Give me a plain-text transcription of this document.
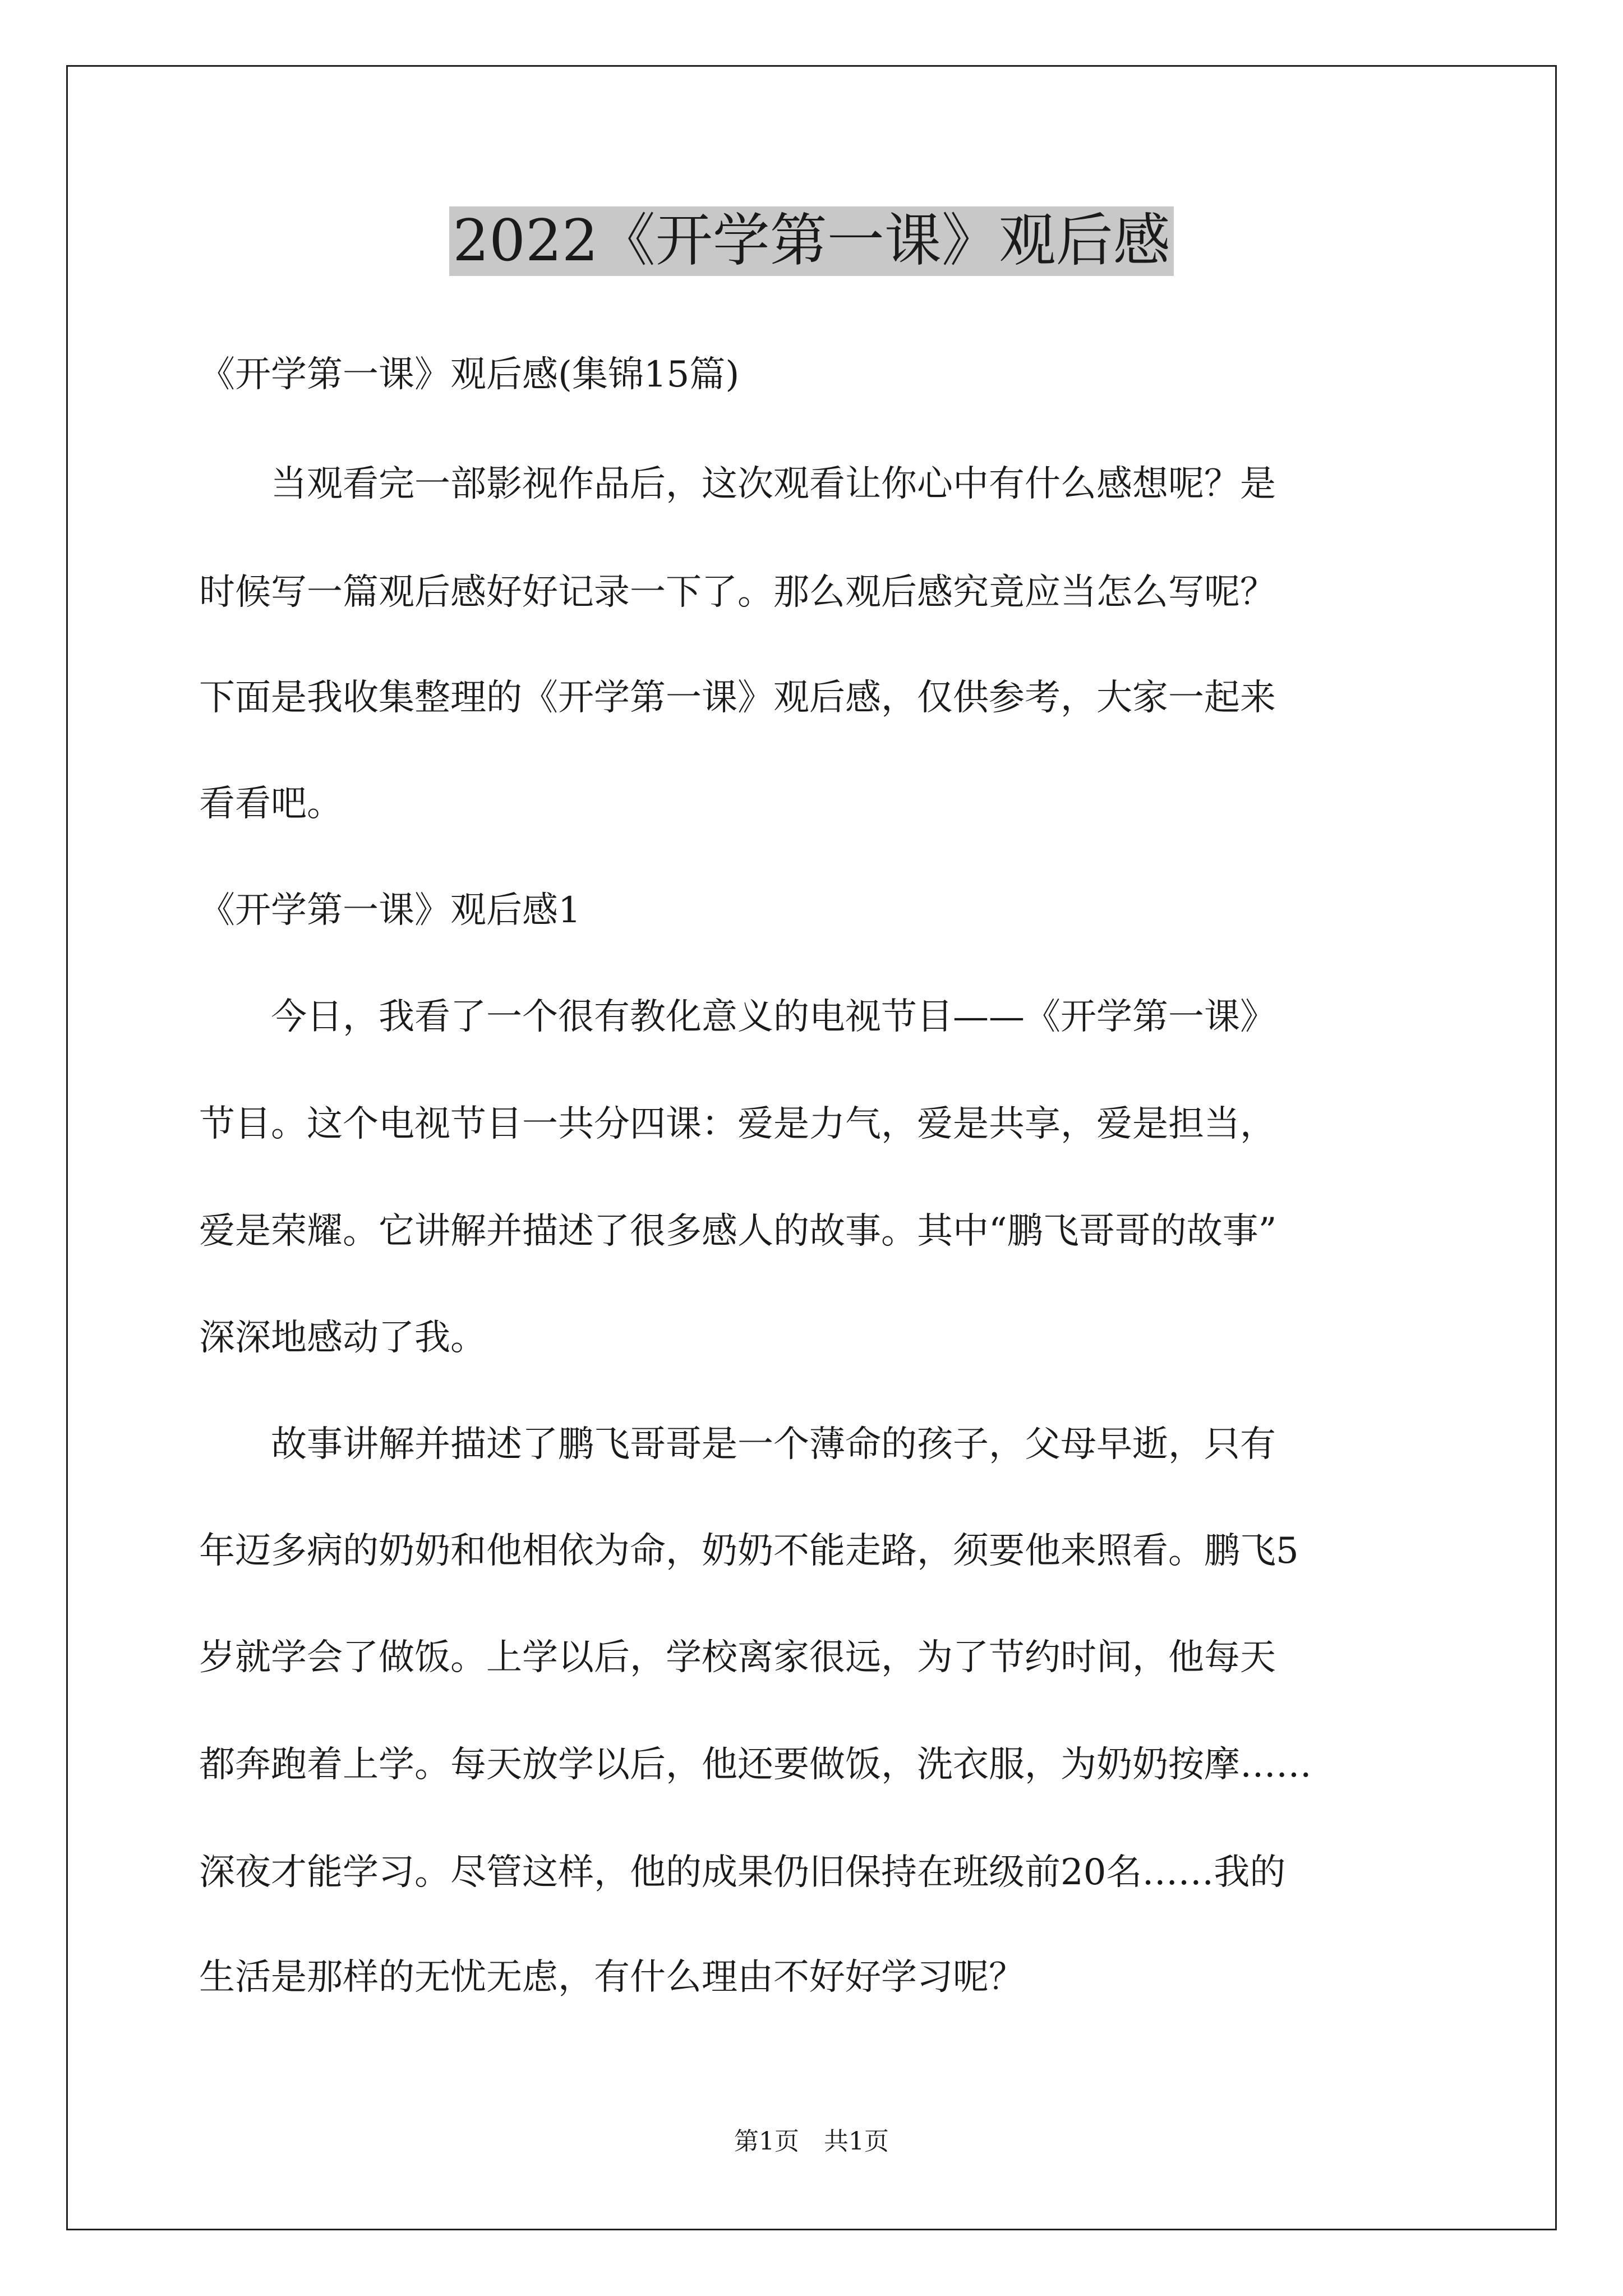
2022《开学第一课》观后感
《开学第一课》观后感(集锦15篇)
　　当观看完一部影视作品后，这次观看让你心中有什么感想呢？是
时候写一篇观后感好好记录一下了。那么观后感究竟应当怎么写呢？
下面是我收集整理的《开学第一课》观后感，仅供参考，大家一起来
看看吧。
《开学第一课》观后感1
　　今日，我看了一个很有教化意义的电视节目——《开学第一课》
节目。这个电视节目一共分四课：爱是力气，爱是共享，爱是担当，
爱是荣耀。它讲解并描述了很多感人的故事。其中“鹏飞哥哥的故事”
深深地感动了我。
　　故事讲解并描述了鹏飞哥哥是一个薄命的孩子，父母早逝，只有
年迈多病的奶奶和他相依为命，奶奶不能走路，须要他来照看。鹏飞5
岁就学会了做饭。上学以后，学校离家很远，为了节约时间，他每天
都奔跑着上学。每天放学以后，他还要做饭，洗衣服，为奶奶按摩……
深夜才能学习。尽管这样，他的成果仍旧保持在班级前20名……我的
生活是那样的无忧无虑，有什么理由不好好学习呢？
第1页　共1页
